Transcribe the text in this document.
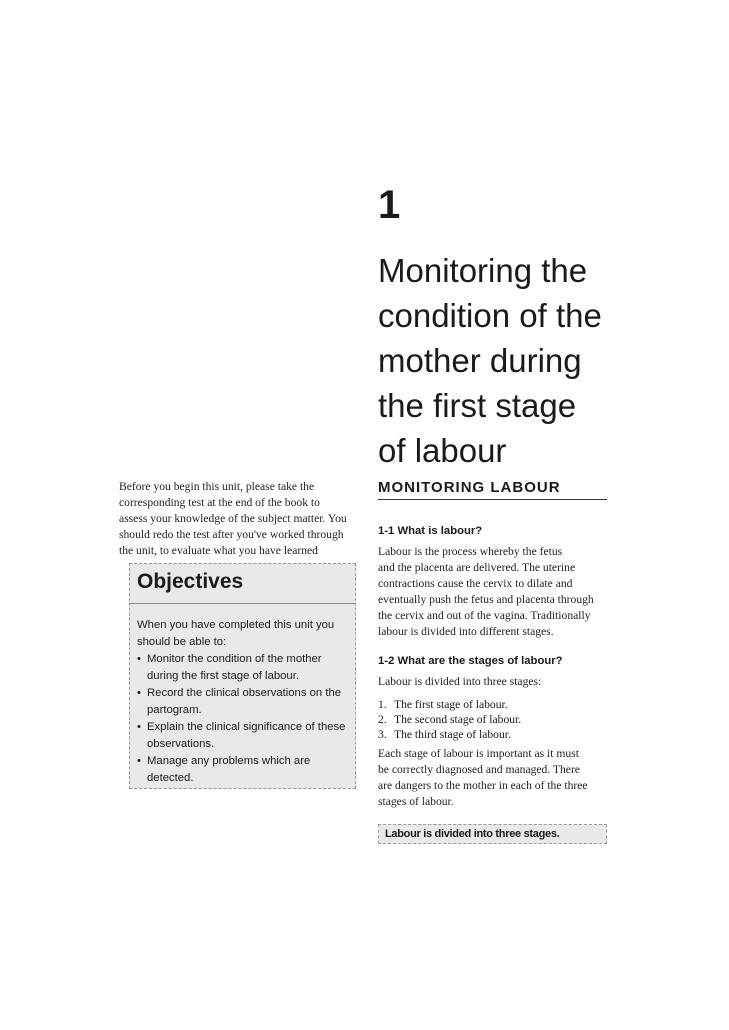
1
Monitoring the
condition of the
mother during
the first stage
of labour
Before you begin this unit, please take the
corresponding test at the end of the book to
assess your knowledge of the subject matter. You
should redo the test after you've worked through
the unit, to evaluate what you have learned
Objectives
When you have completed this unit you
should be able to:
• Monitor the condition of the mother
during the first stage of labour.
• Record the clinical observations on the
partogram.
• Explain the clinical significance of these
observations.
• Manage any problems which are
detected.
MONITORING LABOUR
1-1 What is labour?
Labour is the process whereby the fetus
and the placenta are delivered. The uterine
contractions cause the cervix to dilate and
eventually push the fetus and placenta through
the cervix and out of the vagina. Traditionally
labour is divided into different stages.
1-2 What are the stages of labour?
Labour is divided into three stages:
1. The first stage of labour.
2. The second stage of labour.
3. The third stage of labour.
Each stage of labour is important as it must
be correctly diagnosed and managed. There
are dangers to the mother in each of the three
stages of labour.
Labour is divided into three stages.
